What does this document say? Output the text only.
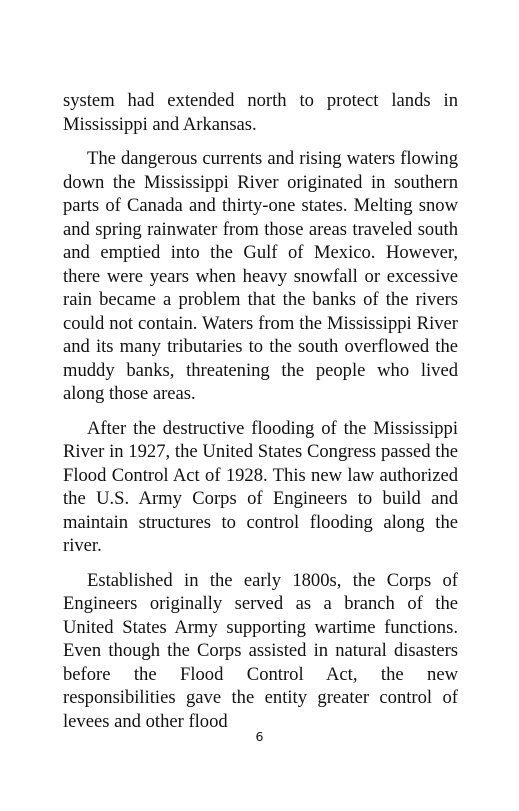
system had extended north to protect lands in Mississippi and Arkansas.

The dangerous currents and rising waters flowing down the Mississippi River originated in southern parts of Canada and thirty-one states. Melting snow and spring rainwater from those areas traveled south and emptied into the Gulf of Mexico. However, there were years when heavy snowfall or excessive rain became a problem that the banks of the rivers could not contain. Waters from the Mississippi River and its many tributaries to the south overflowed the muddy banks, threatening the people who lived along those areas.

After the destructive flooding of the Mississippi River in 1927, the United States Congress passed the Flood Control Act of 1928. This new law authorized the U.S. Army Corps of Engineers to build and maintain structures to control flooding along the river.

Established in the early 1800s, the Corps of Engineers originally served as a branch of the United States Army supporting wartime functions. Even though the Corps assisted in natural disasters before the Flood Control Act, the new responsibilities gave the entity greater control of levees and other flood

6
